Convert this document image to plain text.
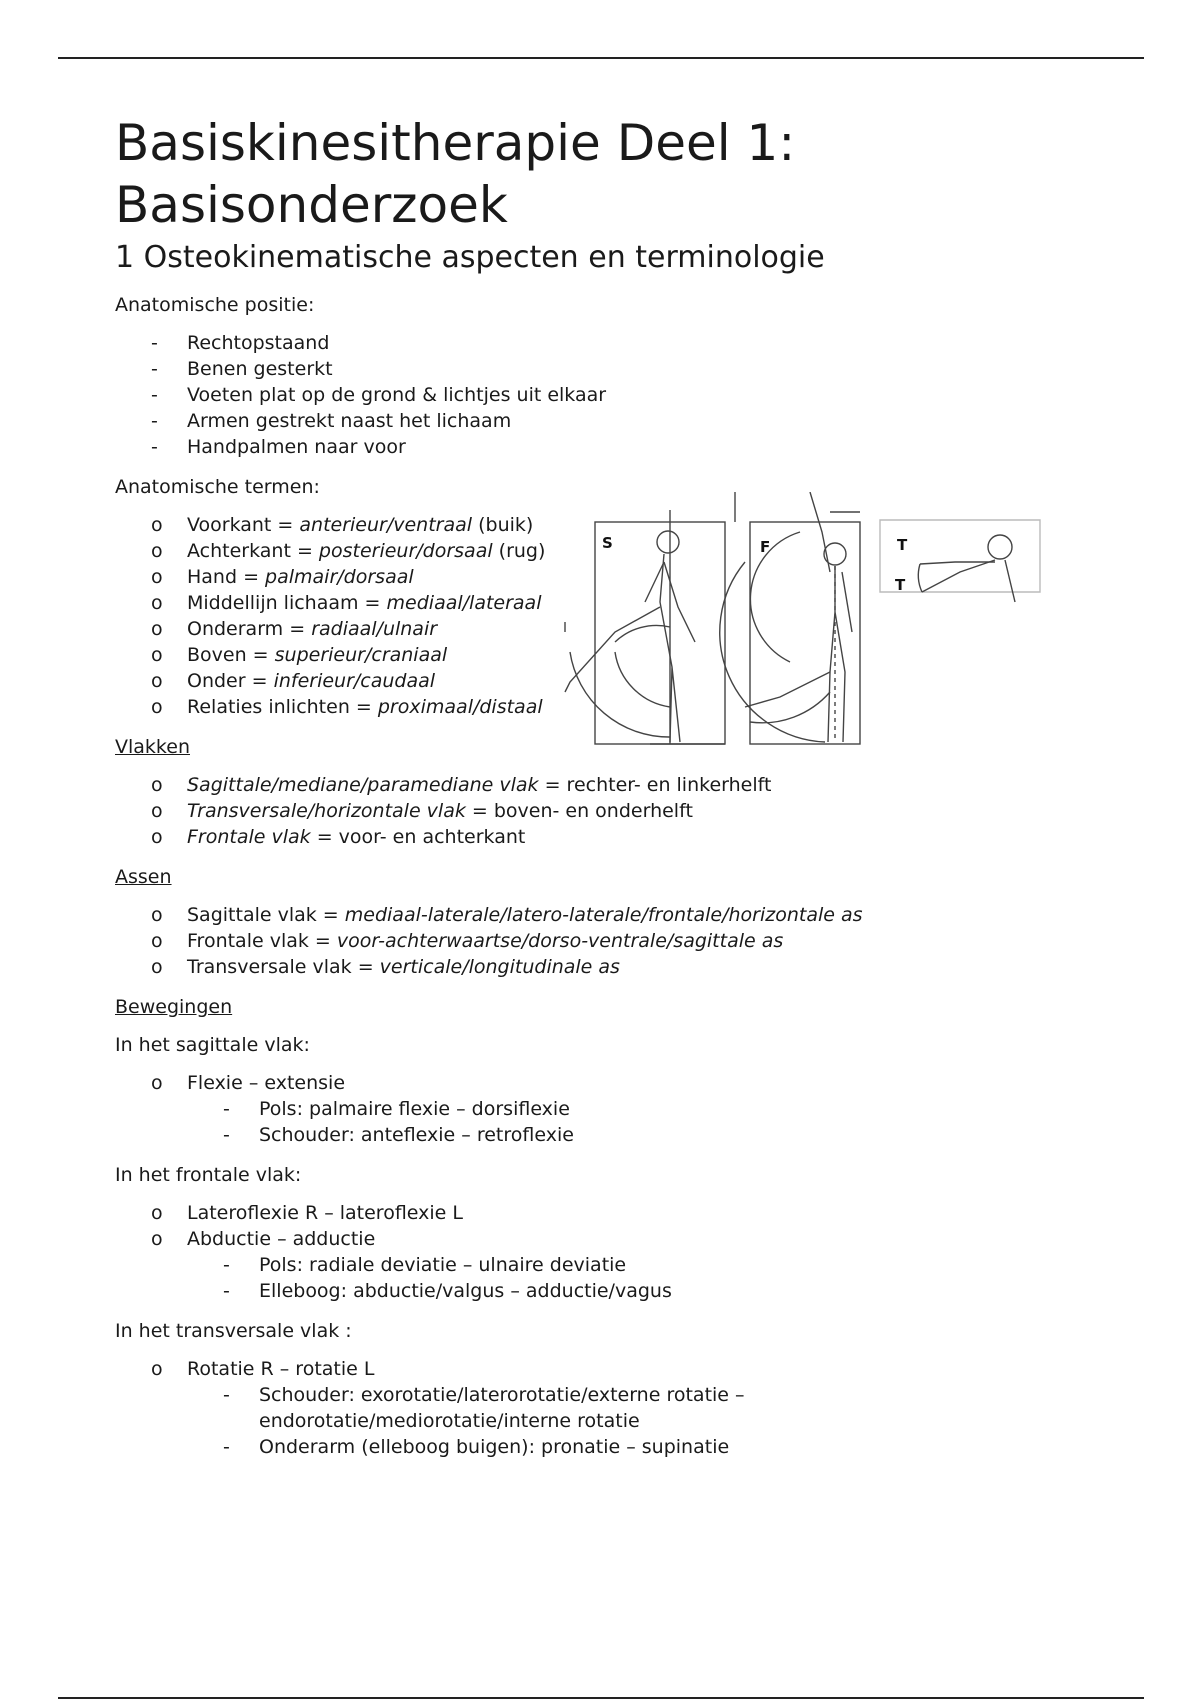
Basiskinesitherapie Deel 1:
Basisonderzoek
1 Osteokinematische aspecten en terminologie

Anatomische positie:

- Rechtopstaand
- Benen gesterkt
- Voeten plat op de grond & lichtjes uit elkaar
- Armen gestrekt naast het lichaam
- Handpalmen naar voor

Anatomische termen:

o Voorkant = anterieur/ventraal (buik)
o Achterkant = posterieur/dorsaal (rug)
o Hand = palmair/dorsaal
o Middellijn lichaam = mediaal/lateraal
o Onderarm = radiaal/ulnair
o Boven = superieur/craniaal
o Onder = inferieur/caudaal
o Relaties inlichten = proximaal/distaal
S	F	T
T

Vlakken

o Sagittale/mediane/paramediane vlak = rechter- en linkerhelft
o Transversale/horizontale vlak = boven- en onderhelft
o Frontale vlak = voor- en achterkant

Assen

o Sagittale vlak = mediaal-laterale/latero-laterale/frontale/horizontale as
o Frontale vlak = voor-achterwaartse/dorso-ventrale/sagittale as
o Transversale vlak = verticale/longitudinale as

Bewegingen

In het sagittale vlak:

o Flexie – extensie
- Pols: palmaire flexie – dorsiflexie
- Schouder: anteflexie – retroflexie

In het frontale vlak:

o Lateroflexie R – lateroflexie L
o Abductie – adductie
- Pols: radiale deviatie – ulnaire deviatie
- Elleboog: abductie/valgus – adductie/vagus

In het transversale vlak :

o Rotatie R – rotatie L
- Schouder: exorotatie/laterorotatie/externe rotatie – endorotatie/mediorotatie/interne rotatie
- Onderarm (elleboog buigen): pronatie – supinatie
